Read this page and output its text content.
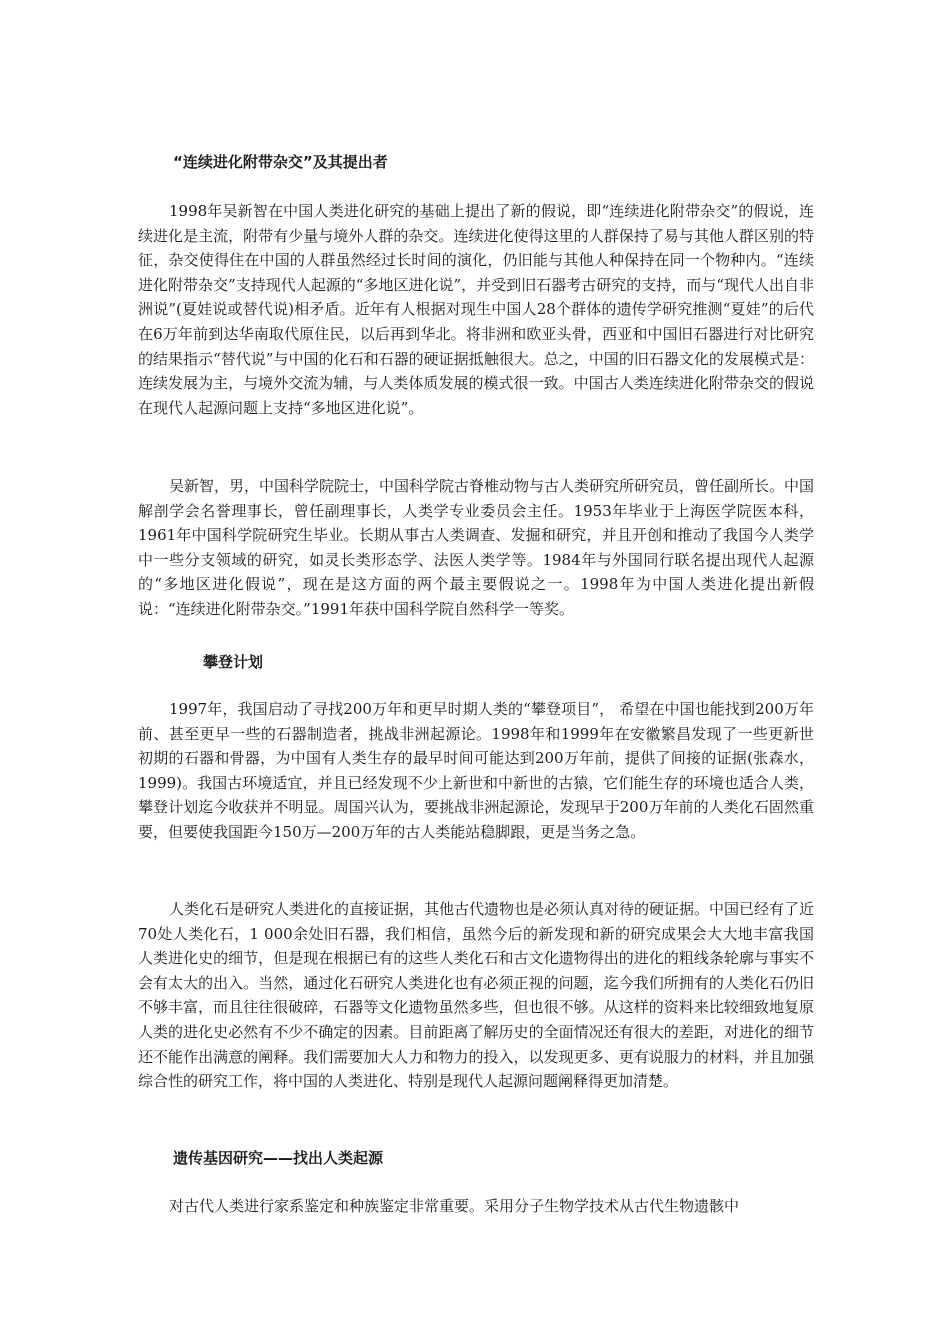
“连续进化附带杂交”及其提出者

1998年吴新智在中国人类进化研究的基础上提出了新的假说，即“连续进化附带杂交”的假说，连续进化是主流，附带有少量与境外人群的杂交。连续进化使得这里的人群保持了易与其他人群区别的特征，杂交使得住在中国的人群虽然经过长时间的演化，仍旧能与其他人种保持在同一个物种内。“连续进化附带杂交”支持现代人起源的“多地区进化说”，并受到旧石器考古研究的支持，而与“现代人出自非洲说”(夏娃说或替代说)相矛盾。近年有人根据对现生中国人28个群体的遗传学研究推测“夏娃”的后代在6万年前到达华南取代原住民，以后再到华北。将非洲和欧亚头骨，西亚和中国旧石器进行对比研究的结果指示“替代说”与中国的化石和石器的硬证据抵触很大。总之，中国的旧石器文化的发展模式是：连续发展为主，与境外交流为辅，与人类体质发展的模式很一致。中国古人类连续进化附带杂交的假说在现代人起源问题上支持“多地区进化说”。

吴新智，男，中国科学院院士，中国科学院古脊椎动物与古人类研究所研究员，曾任副所长。中国解剖学会名誉理事长，曾任副理事长，人类学专业委员会主任。1953年毕业于上海医学院医本科，1961年中国科学院研究生毕业。长期从事古人类调查、发掘和研究，并且开创和推动了我国今人类学中一些分支领域的研究，如灵长类形态学、法医人类学等。1984年与外国同行联名提出现代人起源的“多地区进化假说”，现在是这方面的两个最主要假说之一。1998年为中国人类进化提出新假说：“连续进化附带杂交。”1991年获中国科学院自然科学一等奖。

攀登计划

1997年，我国启动了寻找200万年和更早时期人类的“攀登项目”， 希望在中国也能找到200万年前、甚至更早一些的石器制造者，挑战非洲起源论。1998年和1999年在安徽繁昌发现了一些更新世初期的石器和骨器，为中国有人类生存的最早时间可能达到200万年前，提供了间接的证据(张森水，1999)。我国古环境适宜，并且已经发现不少上新世和中新世的古猿，它们能生存的环境也适合人类，攀登计划迄今收获并不明显。周国兴认为，要挑战非洲起源论，发现早于200万年前的人类化石固然重要，但要使我国距今150万—200万年的古人类能站稳脚跟，更是当务之急。

人类化石是研究人类进化的直接证据，其他古代遗物也是必须认真对待的硬证据。中国已经有了近70处人类化石，1 000余处旧石器，我们相信，虽然今后的新发现和新的研究成果会大大地丰富我国人类进化史的细节，但是现在根据已有的这些人类化石和古文化遗物得出的进化的粗线条轮廓与事实不会有太大的出入。当然，通过化石研究人类进化也有必须正视的问题，迄今我们所拥有的人类化石仍旧不够丰富，而且往往很破碎，石器等文化遗物虽然多些，但也很不够。从这样的资料来比较细致地复原人类的进化史必然有不少不确定的因素。目前距离了解历史的全面情况还有很大的差距，对进化的细节还不能作出满意的阐释。我们需要加大人力和物力的投入，以发现更多、更有说服力的材料，并且加强综合性的研究工作，将中国的人类进化、特别是现代人起源问题阐释得更加清楚。

遗传基因研究——找出人类起源

对古代人类进行家系鉴定和种族鉴定非常重要。采用分子生物学技术从古代生物遗骸中
